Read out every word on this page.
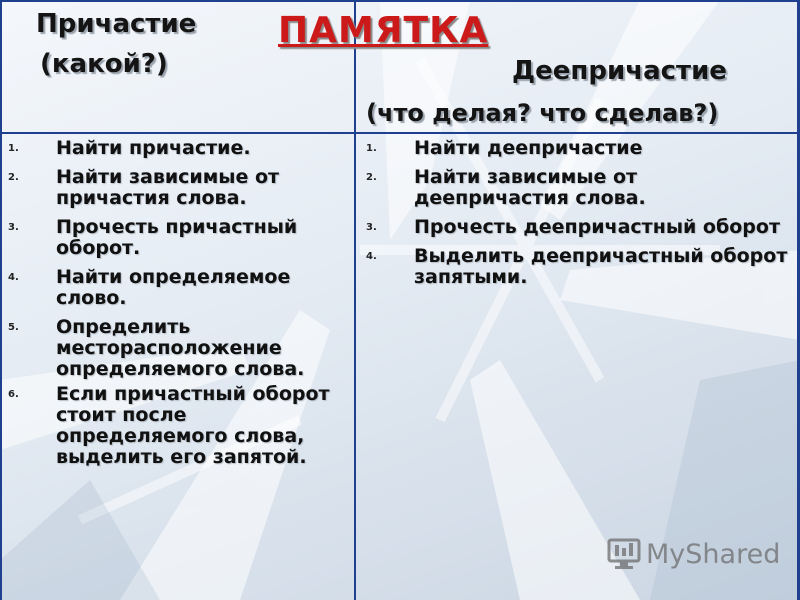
Причастие
(какой?)
ПАМЯТКА
Деепричастие
(что делая? что сделав?)
1. Найти причастие.
2. Найти зависимые от причастия слова.
3. Прочесть причастный оборот.
4. Найти определяемое слово.
5. Определить месторасположение определяемого слова.
6. Если причастный оборот стоит после определяемого слова, выделить его запятой.
1. Найти деепричастие
2. Найти зависимые от деепричастия слова.
3. Прочесть деепричастный оборот
4. Выделить деепричастный оборот запятыми.
MyShared
